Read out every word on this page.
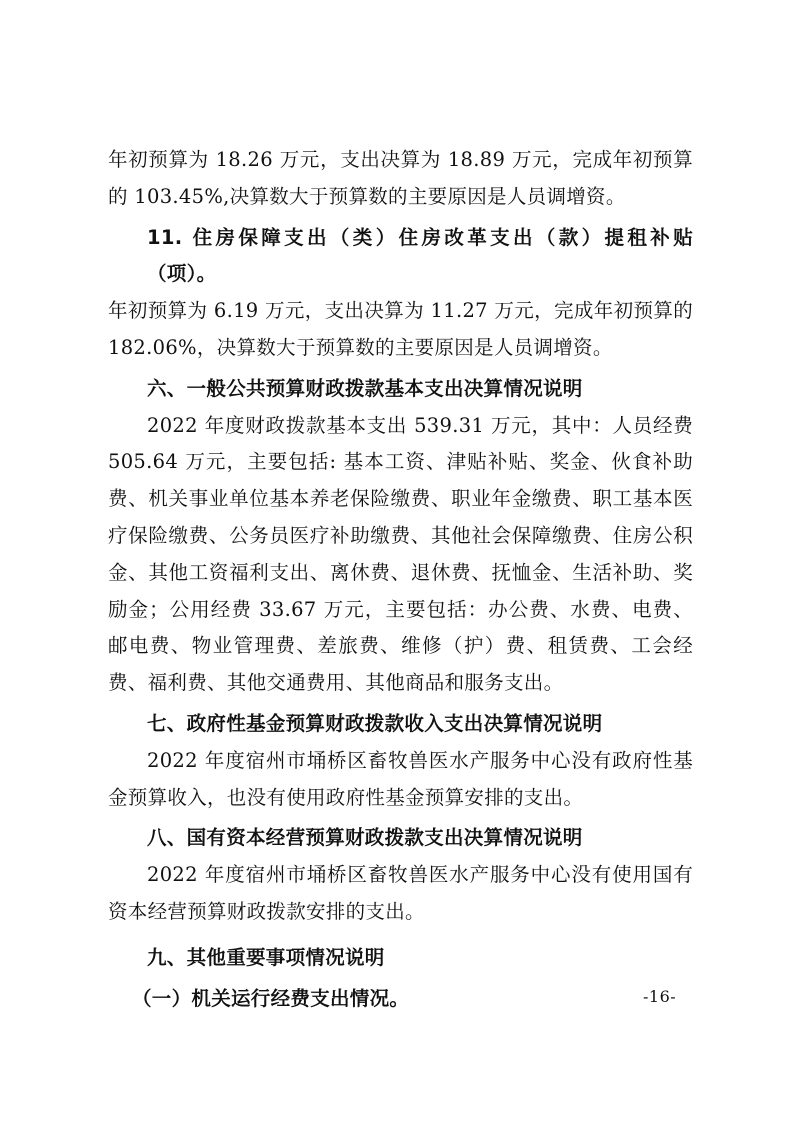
年初预算为 18.26 万元，支出决算为 18.89 万元，完成年初预算的 103.45%,决算数大于预算数的主要原因是人员调增资。

11. 住房保障支出（类）住房改革支出（款）提租补贴（项）。年初预算为 6.19 万元，支出决算为 11.27 万元，完成年初预算的 182.06%，决算数大于预算数的主要原因是人员调增资。

六、一般公共预算财政拨款基本支出决算情况说明

2022 年度财政拨款基本支出 539.31 万元，其中：人员经费 505.64 万元，主要包括: 基本工资、津贴补贴、奖金、伙食补助费、机关事业单位基本养老保险缴费、职业年金缴费、职工基本医疗保险缴费、公务员医疗补助缴费、其他社会保障缴费、住房公积金、其他工资福利支出、离休费、退休费、抚恤金、生活补助、奖励金；公用经费 33.67 万元，主要包括：办公费、水费、电费、邮电费、物业管理费、差旅费、维修（护）费、租赁费、工会经费、福利费、其他交通费用、其他商品和服务支出。

七、政府性基金预算财政拨款收入支出决算情况说明

2022 年度宿州市埇桥区畜牧兽医水产服务中心没有政府性基金预算收入，也没有使用政府性基金预算安排的支出。

八、国有资本经营预算财政拨款支出决算情况说明

2022 年度宿州市埇桥区畜牧兽医水产服务中心没有使用国有资本经营预算财政拨款安排的支出。

九、其他重要事项情况说明

（一）机关运行经费支出情况。	-16-
